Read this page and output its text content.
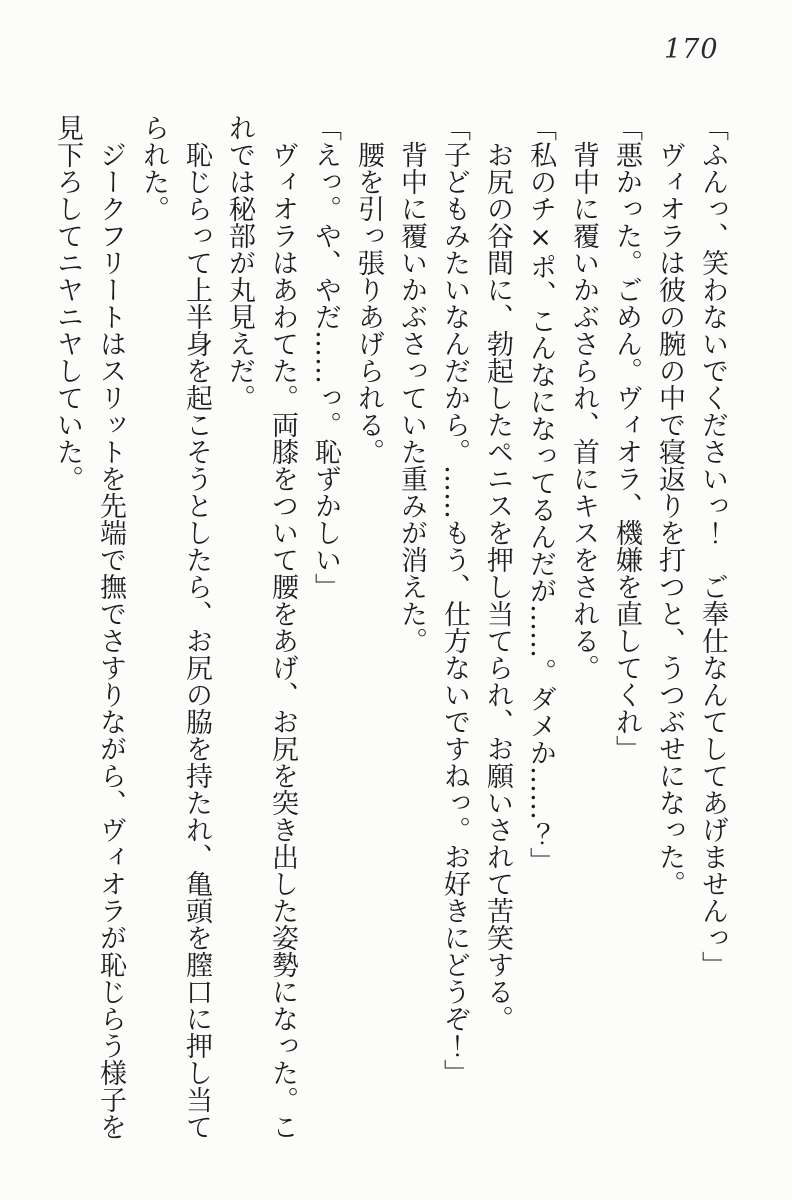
170

「ふんっ、笑わないでくださいっ！　ご奉仕なんてしてあげませんっ」

ヴィオラは彼の腕の中で寝返りを打つと、うつぶせになった。

「悪かった。ごめん。ヴィオラ、機嫌を直してくれ」

背中に覆いかぶさられ、首にキスをされる。

「私のチ×ポ、こんなになってるんだが……。ダメか……？」

お尻の谷間に、勃起したペニスを押し当てられ、お願いされて苦笑する。

「子どもみたいなんだから。……もう、仕方ないですねっ。お好きにどうぞ！」

背中に覆いかぶさっていた重みが消えた。

腰を引っ張りあげられる。

「えっ。や、やだ……っ。恥ずかしい」

ヴィオラはあわてた。両膝をついて腰をあげ、お尻を突き出した姿勢になった。これでは秘部が丸見えだ。

恥じらって上半身を起こそうとしたら、お尻の脇を持たれ、亀頭を膣口に押し当てられた。

ジークフリートはスリットを先端で撫でさすりながら、ヴィオラが恥じらう様子を見下ろしてニヤニヤしていた。
